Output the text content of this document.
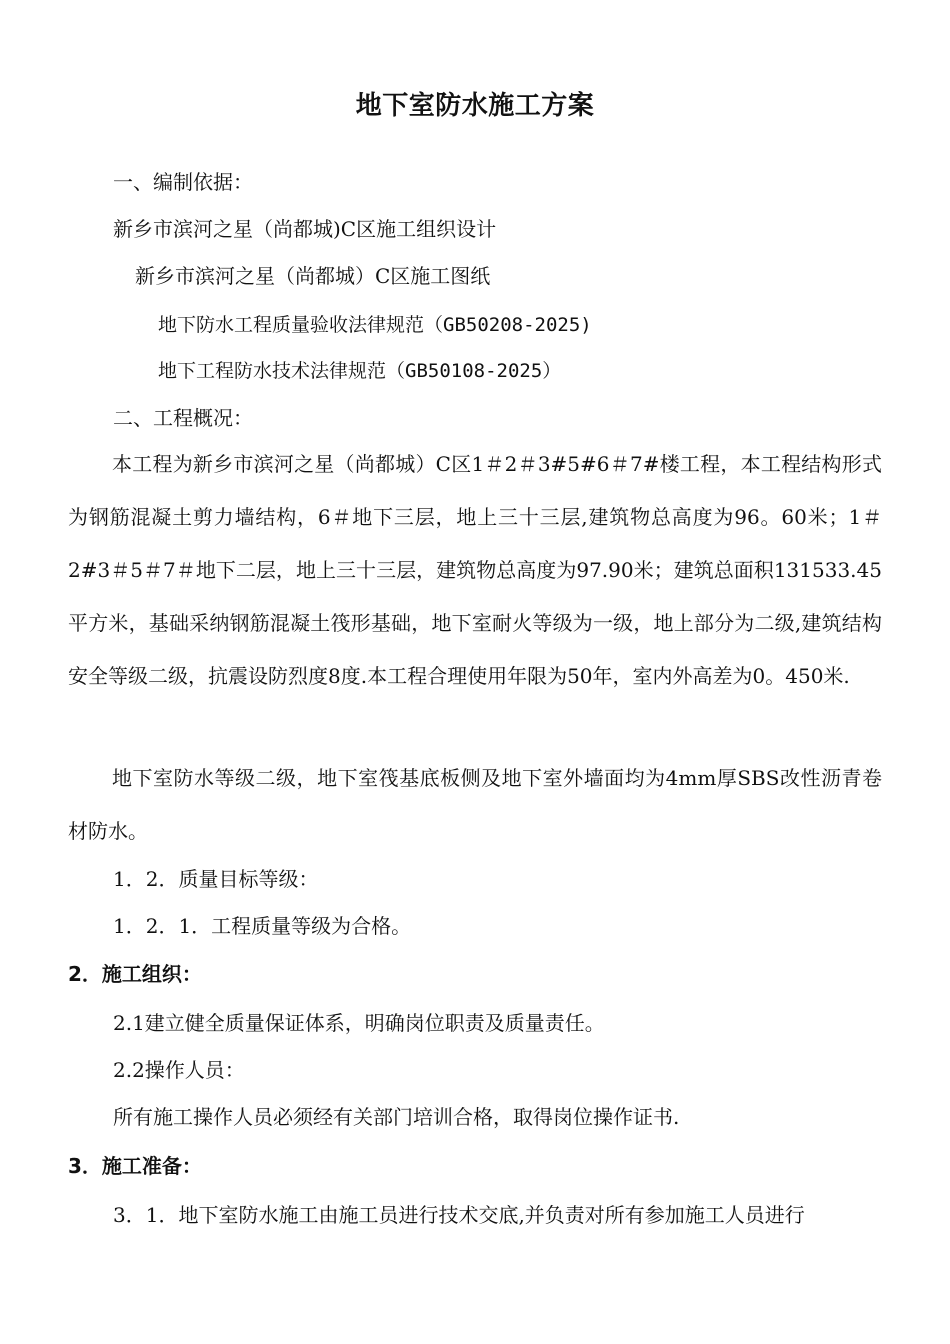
地下室防水施工方案
一、编制依据：
新乡市滨河之星（尚都城)C区施工组织设计
新乡市滨河之星（尚都城）C区施工图纸
地下防水工程质量验收法律规范（GB50208-2025)
地下工程防水技术法律规范（GB50108-2025）
二、工程概况：
本工程为新乡市滨河之星（尚都城）C区1＃2＃3#5#6＃7#楼工程，本工程结构形式为钢筋混凝土剪力墙结构，6＃地下三层，地上三十三层,建筑物总高度为96。60米；1＃2#3＃5＃7＃地下二层，地上三十三层，建筑物总高度为97.90米；建筑总面积131533.45平方米，基础采纳钢筋混凝土筏形基础，地下室耐火等级为一级，地上部分为二级,建筑结构安全等级二级，抗震设防烈度8度.本工程合理使用年限为50年，室内外高差为0。450米.
地下室防水等级二级，地下室筏基底板侧及地下室外墙面均为4mm厚SBS改性沥青卷材防水。
1．2．质量目标等级：
1．2．1．工程质量等级为合格。
2．施工组织：
2.1建立健全质量保证体系，明确岗位职责及质量责任。
2.2操作人员：
所有施工操作人员必须经有关部门培训合格，取得岗位操作证书.
3．施工准备：
3．1．地下室防水施工由施工员进行技术交底,并负责对所有参加施工人员进行
